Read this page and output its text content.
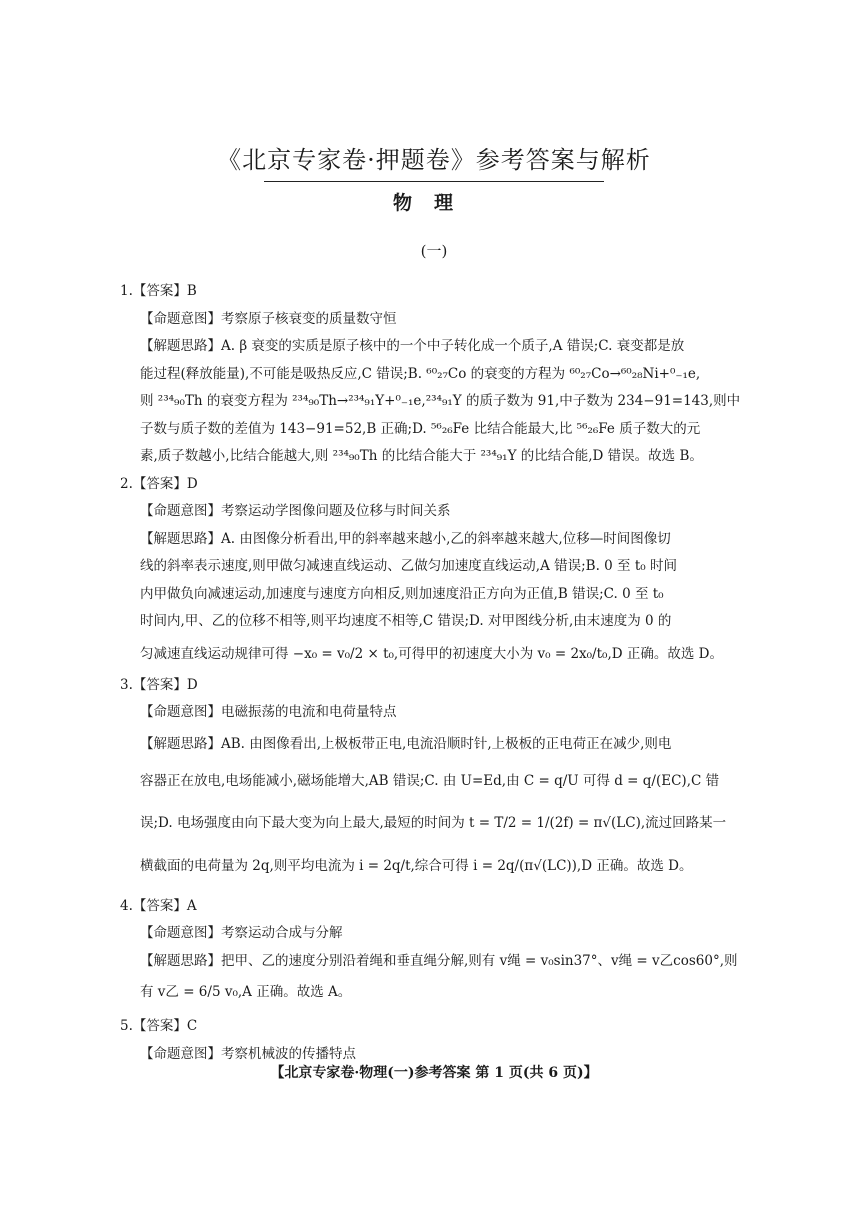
《北京专家卷·押题卷》参考答案与解析
物理
(一)
1.【答案】B
【命题意图】考察原子核衰变的质量数守恒
【解题思路】A. β 衰变的实质是原子核中的一个中子转化成一个质子,A 错误;C. 衰变都是放
能过程(释放能量),不可能是吸热反应,C 错误;B. ⁶⁰₂₇Co 的衰变的方程为 ⁶⁰₂₇Co→⁶⁰₂₈Ni+⁰₋₁e,
则 ²³⁴₉₀Th 的衰变方程为 ²³⁴₉₀Th→²³⁴₉₁Y+⁰₋₁e,²³⁴₉₁Y 的质子数为 91,中子数为 234−91=143,则中
子数与质子数的差值为 143−91=52,B 正确;D. ⁵⁶₂₆Fe 比结合能最大,比 ⁵⁶₂₆Fe 质子数大的元
素,质子数越小,比结合能越大,则 ²³⁴₉₀Th 的比结合能大于 ²³⁴₉₁Y 的比结合能,D 错误。故选 B。
2.【答案】D
【命题意图】考察运动学图像问题及位移与时间关系
【解题思路】A. 由图像分析看出,甲的斜率越来越小,乙的斜率越来越大,位移—时间图像切
线的斜率表示速度,则甲做匀减速直线运动、乙做匀加速度直线运动,A 错误;B. 0 至 t₀ 时间
内甲做负向减速运动,加速度与速度方向相反,则加速度沿正方向为正值,B 错误;C. 0 至 t₀
时间内,甲、乙的位移不相等,则平均速度不相等,C 错误;D. 对甲图线分析,由末速度为 0 的
匀减速直线运动规律可得 −x₀ = v₀/2 × t₀,可得甲的初速度大小为 v₀ = 2x₀/t₀,D 正确。故选 D。
3.【答案】D
【命题意图】电磁振荡的电流和电荷量特点
【解题思路】AB. 由图像看出,上极板带正电,电流沿顺时针,上极板的正电荷正在减少,则电
容器正在放电,电场能减小,磁场能增大,AB 错误;C. 由 U=Ed,由 C = q/U 可得 d = q/(EC),C 错
误;D. 电场强度由向下最大变为向上最大,最短的时间为 t = T/2 = 1/(2f) = π√(LC),流过回路某一
横截面的电荷量为 2q,则平均电流为 i = 2q/t,综合可得 i = 2q/(π√(LC)),D 正确。故选 D。
4.【答案】A
【命题意图】考察运动合成与分解
【解题思路】把甲、乙的速度分别沿着绳和垂直绳分解,则有 v绳 = v₀sin37°、v绳 = v乙cos60°,则
有 v乙 = 6/5 v₀,A 正确。故选 A。
5.【答案】C
【命题意图】考察机械波的传播特点
【北京专家卷·物理(一)参考答案 第 1 页(共 6 页)】
